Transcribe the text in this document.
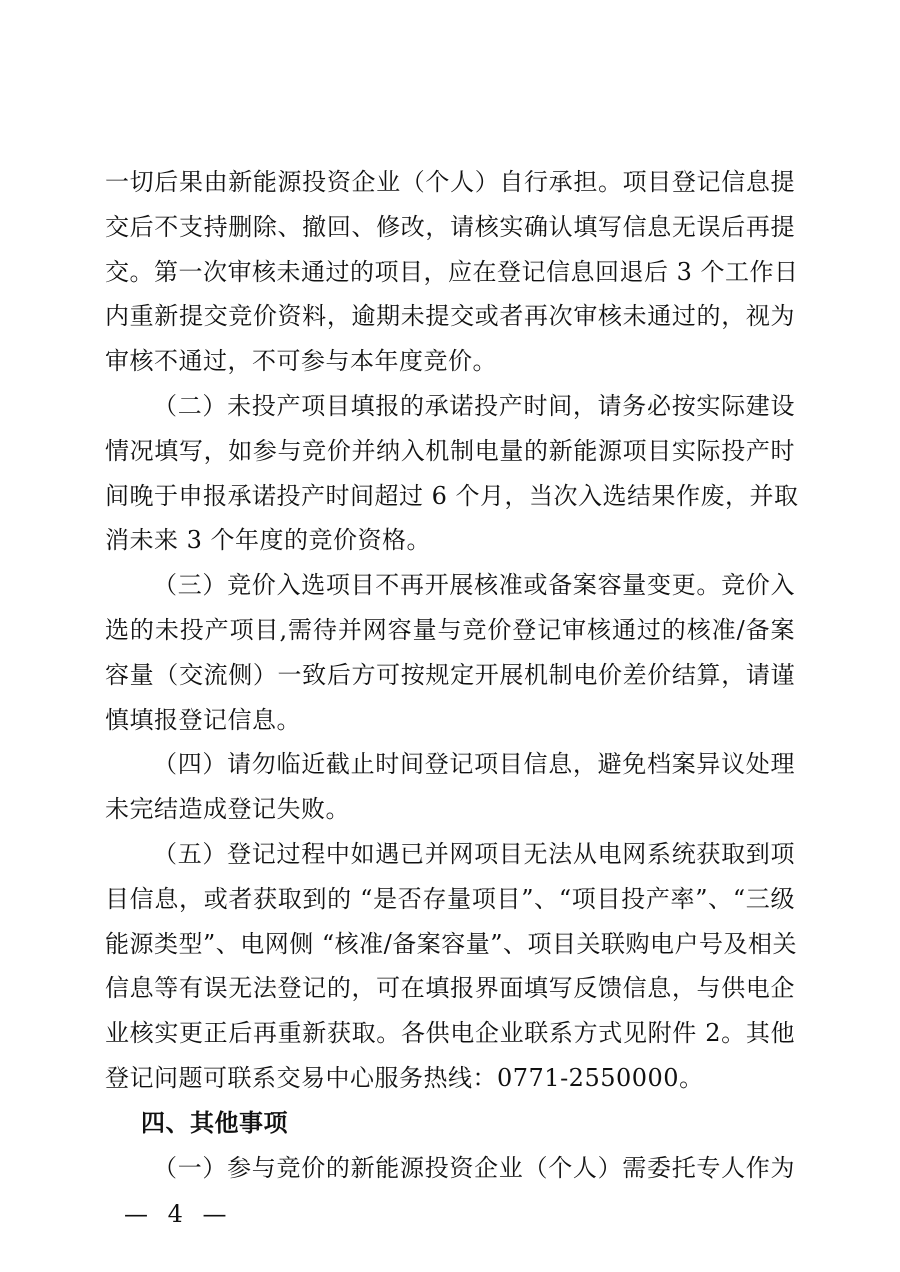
一切后果由新能源投资企业（个人）自行承担。项目登记信息提
交后不支持删除、撤回、修改，请核实确认填写信息无误后再提
交。第一次审核未通过的项目，应在登记信息回退后 3 个工作日
内重新提交竞价资料，逾期未提交或者再次审核未通过的，视为
审核不通过，不可参与本年度竞价。

（二）未投产项目填报的承诺投产时间，请务必按实际建设
情况填写，如参与竞价并纳入机制电量的新能源项目实际投产时
间晚于申报承诺投产时间超过 6 个月，当次入选结果作废，并取
消未来 3 个年度的竞价资格。

（三）竞价入选项目不再开展核准或备案容量变更。竞价入
选的未投产项目,需待并网容量与竞价登记审核通过的核准/备案
容量（交流侧）一致后方可按规定开展机制电价差价结算，请谨
慎填报登记信息。

（四）请勿临近截止时间登记项目信息，避免档案异议处理
未完结造成登记失败。

（五）登记过程中如遇已并网项目无法从电网系统获取到项
目信息，或者获取到的 “是否存量项目”、“项目投产率”、“三级
能源类型”、电网侧 “核准/备案容量”、项目关联购电户号及相关
信息等有误无法登记的，可在填报界面填写反馈信息，与供电企
业核实更正后再重新获取。各供电企业联系方式见附件 2。其他
登记问题可联系交易中心服务热线：0771-2550000。

四、其他事项

（一）参与竞价的新能源投资企业（个人）需委托专人作为

— 4 —
